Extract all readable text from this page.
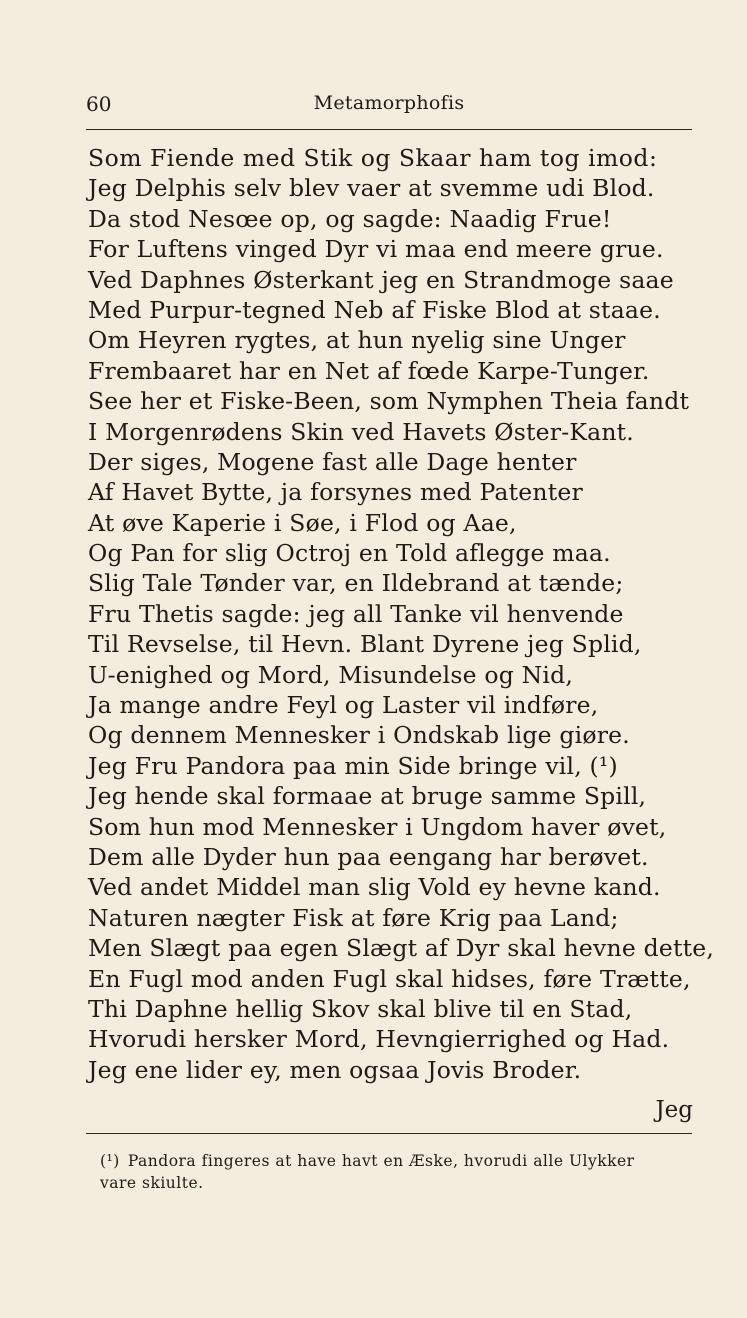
60	Metamorphofis
Som Fiende med Stik og Skaar ham tog imod:
Jeg Delphis selv blev vaer at svemme udi Blod.
Da stod Nesœe op, og sagde: Naadig Frue!
For Luftens vinged Dyr vi maa end meere grue.
Ved Daphnes Østerkant jeg en Strandmoge saae
Med Purpur-tegned Neb af Fiske Blod at staae.
Om Heyren rygtes, at hun nyelig sine Unger
Frembaaret har en Net af fœde Karpe-Tunger.
See her et Fiske-Been, som Nymphen Theia fandt
I Morgenrødens Skin ved Havets Øster-Kant.
Der siges, Mogene fast alle Dage henter
Af Havet Bytte, ja forsynes med Patenter
At øve Kaperie i Søe, i Flod og Aae,
Og Pan for slig Octroj en Told aflegge maa.
Slig Tale Tønder var, en Ildebrand at tænde;
Fru Thetis sagde: jeg all Tanke vil henvende
Til Revselse, til Hevn. Blant Dyrene jeg Splid,
U-enighed og Mord, Misundelse og Nid,
Ja mange andre Feyl og Laster vil indføre,
Og dennem Mennesker i Ondskab lige giøre.
Jeg Fru Pandora paa min Side bringe vil, (¹)
Jeg hende skal formaae at bruge samme Spill,
Som hun mod Mennesker i Ungdom haver øvet,
Dem alle Dyder hun paa eengang har berøvet.
Ved andet Middel man slig Vold ey hevne kand.
Naturen nægter Fisk at føre Krig paa Land;
Men Slægt paa egen Slægt af Dyr skal hevne dette,
En Fugl mod anden Fugl skal hidses, føre Trætte,
Thi Daphne hellig Skov skal blive til en Stad,
Hvorudi hersker Mord, Hevngierrighed og Had.
Jeg ene lider ey, men ogsaa Jovis Broder.
Jeg
(¹) Pandora fingeres at have havt en Æske, hvorudi alle Ulykker
vare skiulte.
